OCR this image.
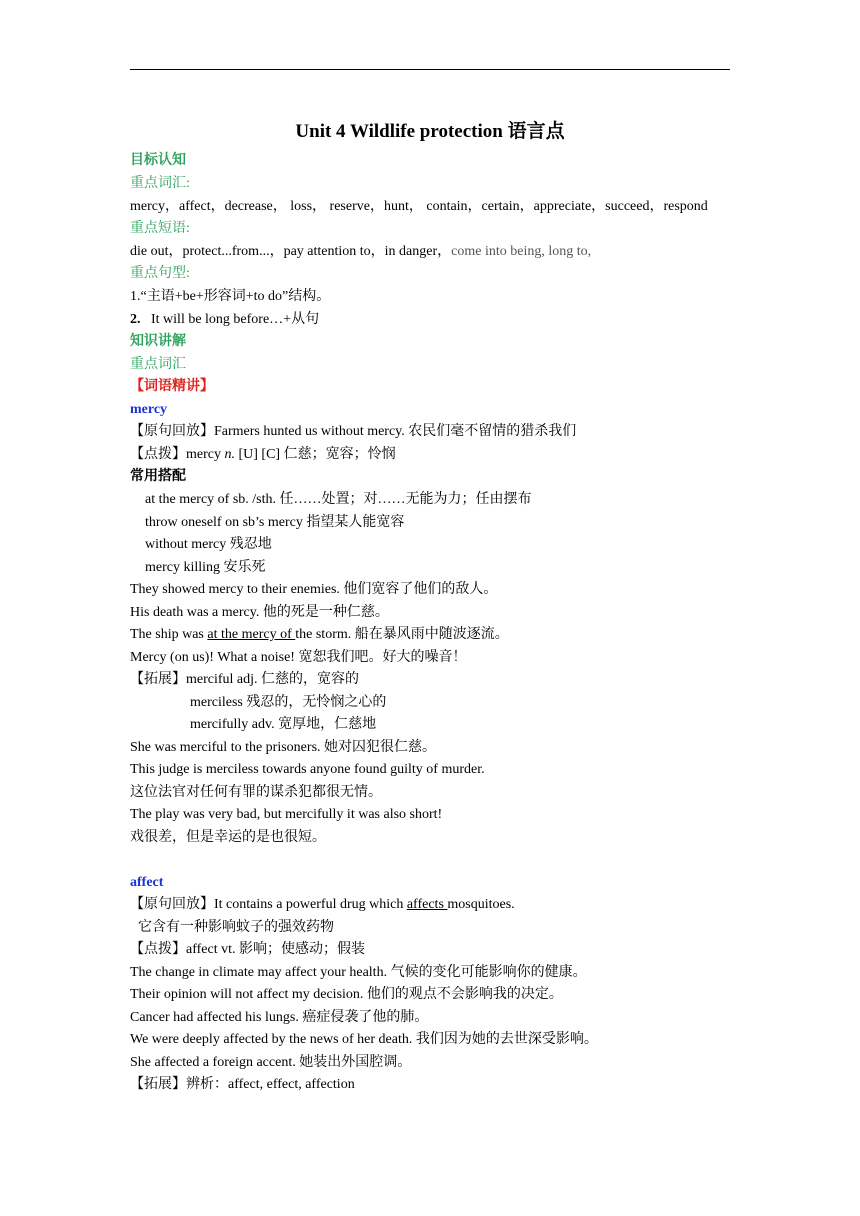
Unit 4 Wildlife protection 语言点
目标认知
重点词汇:
mercy，affect，decrease， loss， reserve，hunt， contain，certain，appreciate，succeed，respond
重点短语:
die out，protect...from...，pay attention to，in danger，come into being, long to,
重点句型:
1.“主语+be+形容词+to do”结构。
2. It will be long before…+从句
知识讲解
重点词汇
【词语精讲】
mercy
【原句回放】Farmers hunted us without mercy. 农民们毫不留情的猎杀我们
【点拨】mercy n. [U] [C] 仁慈；宽容；怜悯
常用搭配
at the mercy of sb. /sth. 任……处置；对……无能为力；任由摆布
throw oneself on sb’s mercy 指望某人能宽容
without mercy 残忍地
mercy killing 安乐死
They showed mercy to their enemies. 他们宽容了他们的敌人。
His death was a mercy. 他的死是一种仁慈。
The ship was at the mercy of the storm. 船在暴风雨中随波逐流。
Mercy (on us)! What a noise! 宽恕我们吧。好大的噪音！
【拓展】merciful adj. 仁慈的，宽容的
merciless 残忍的，无怜悯之心的
mercifully adv. 宽厚地，仁慈地
She was merciful to the prisoners. 她对囚犯很仁慈。
This judge is merciless towards anyone found guilty of murder.
这位法官对任何有罪的谋杀犯都很无情。
The play was very bad, but mercifully it was also short!
戏很差，但是幸运的是也很短。
affect
【原句回放】It contains a powerful drug which affects mosquitoes.
它含有一种影响蚊子的强效药物
【点拨】affect vt. 影响；使感动；假装
The change in climate may affect your health. 气候的变化可能影响你的健康。
Their opinion will not affect my decision. 他们的观点不会影响我的决定。
Cancer had affected his lungs. 癌症侵袭了他的肺。
We were deeply affected by the news of her death. 我们因为她的去世深受影响。
She affected a foreign accent. 她装出外国腔调。
【拓展】辨析：affect, effect, affection
